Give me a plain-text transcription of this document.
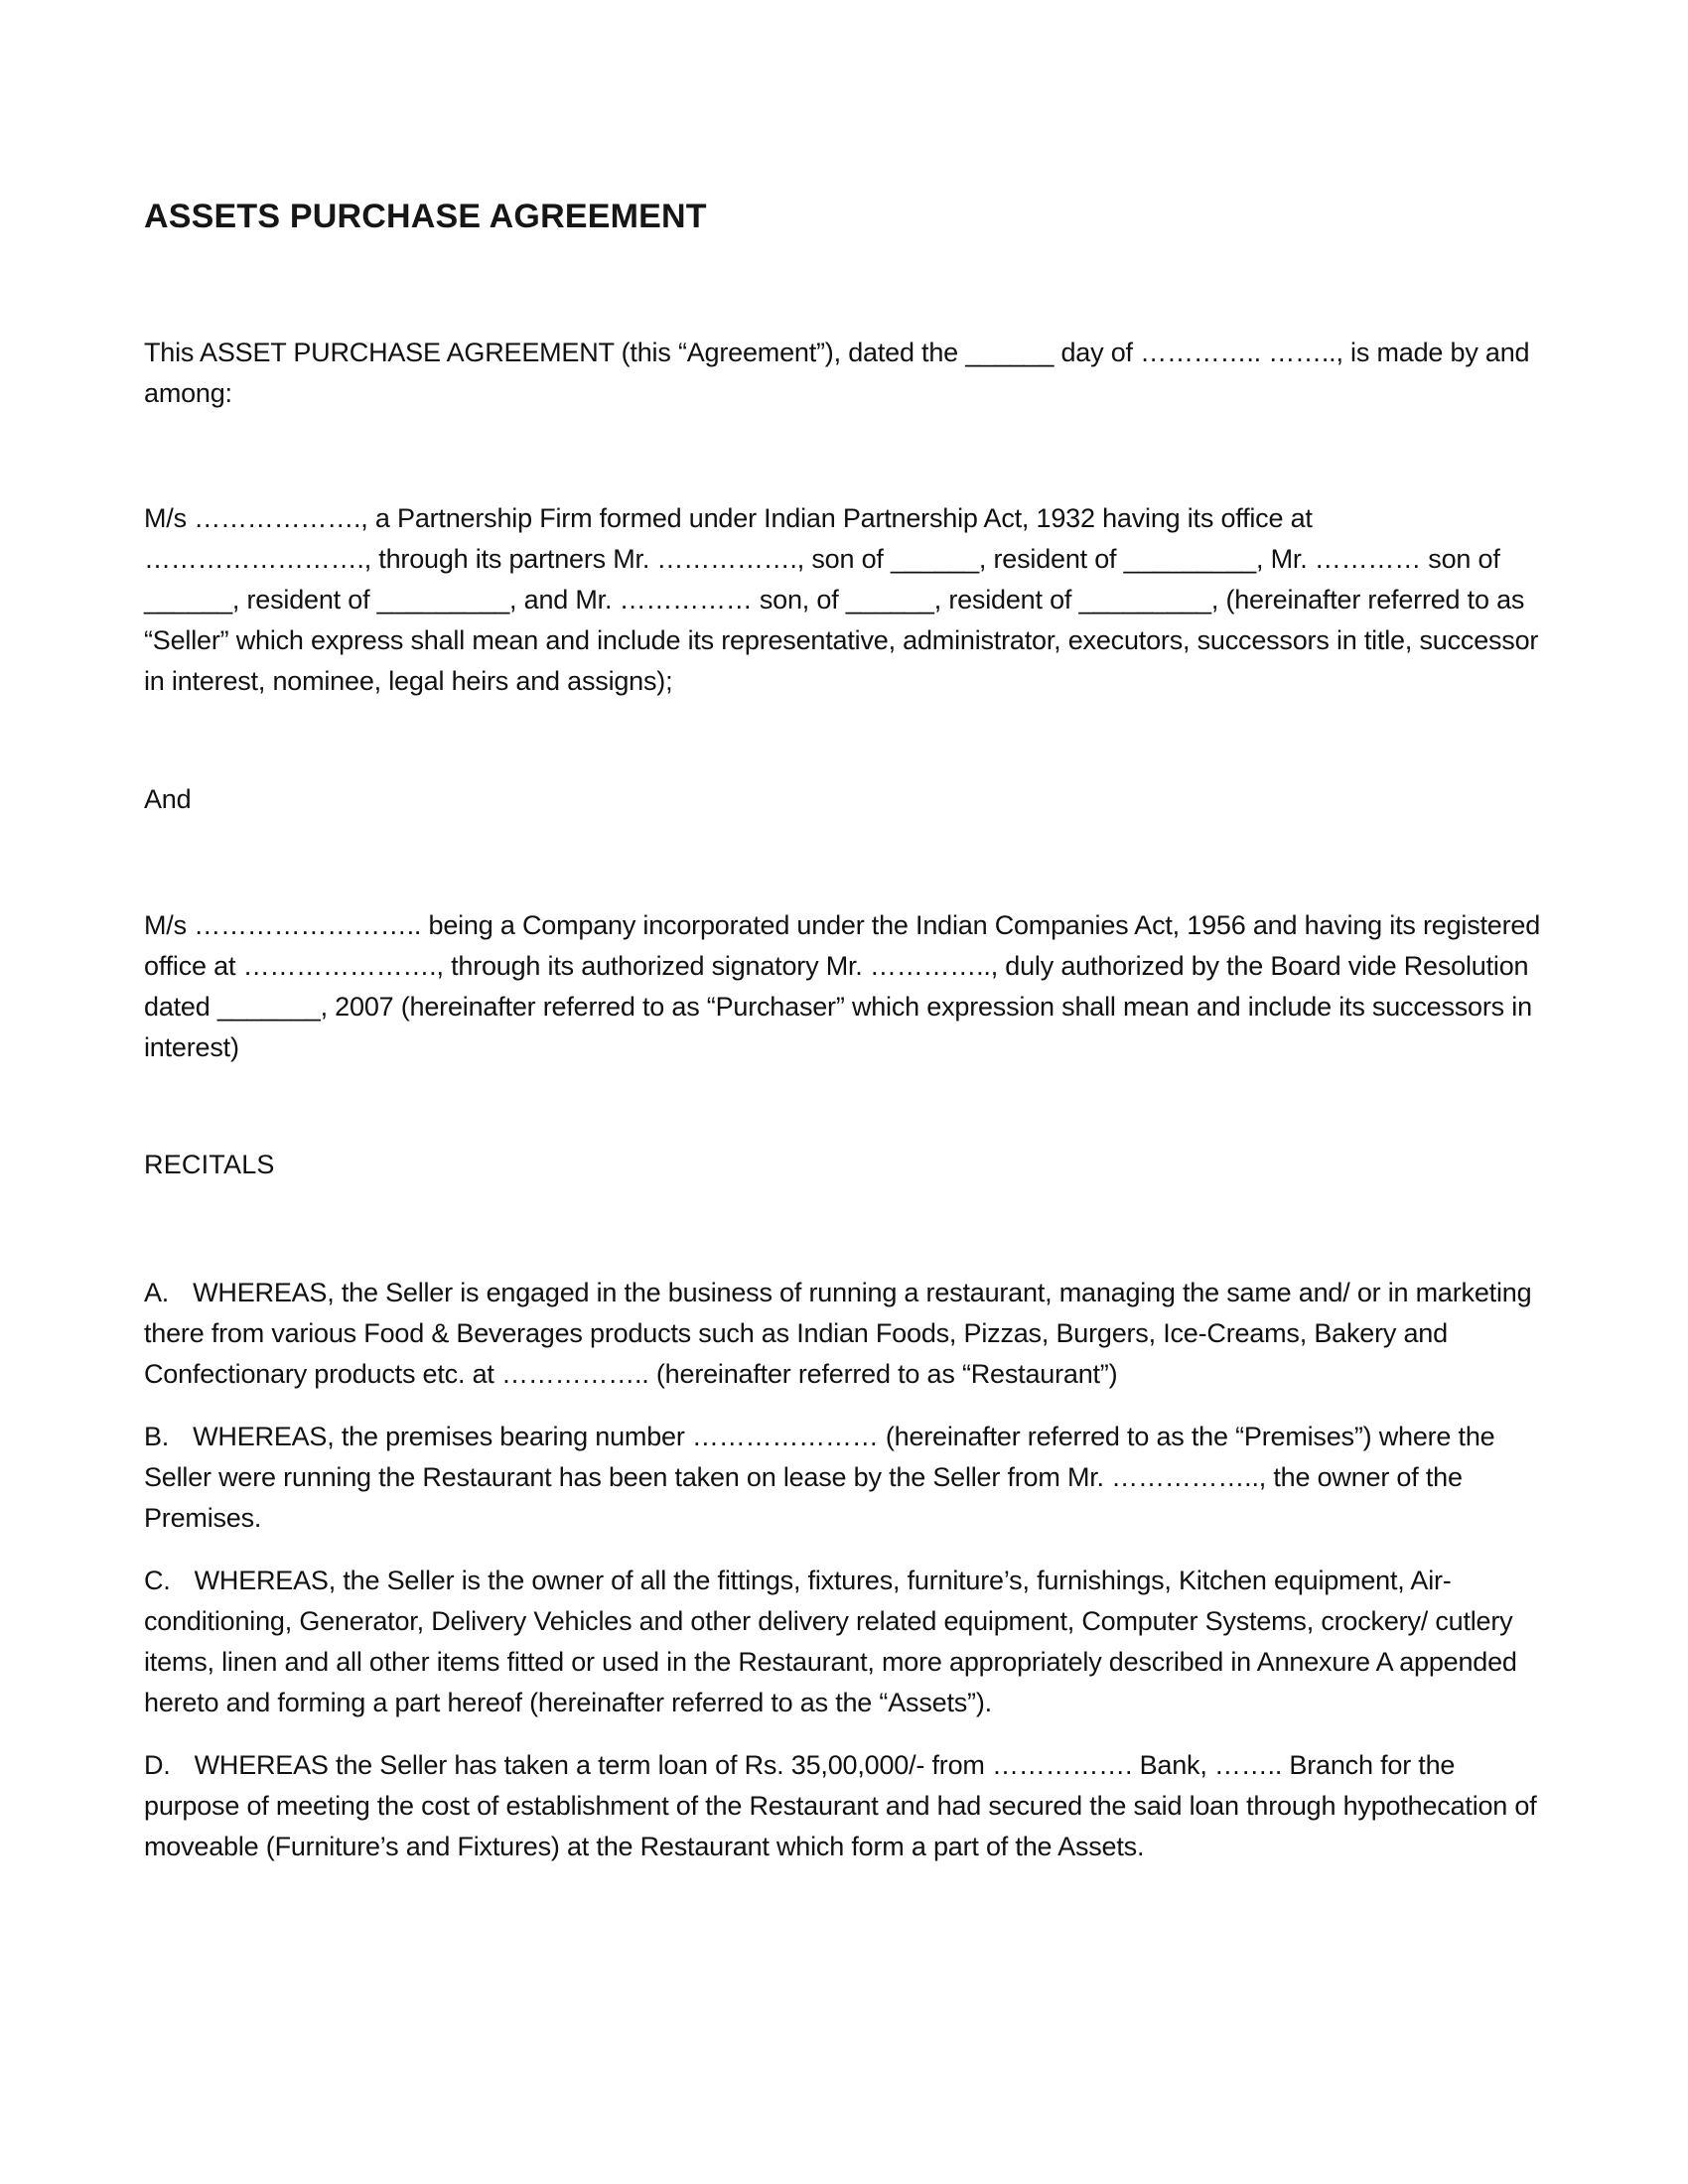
ASSETS PURCHASE AGREEMENT

This ASSET PURCHASE AGREEMENT (this “Agreement”), dated the ______ day of ………….. …….., is made by and among:

M/s ………………., a Partnership Firm formed under Indian Partnership Act, 1932 having its office at ……………………., through its partners Mr. ……………., son of ______, resident of _________, Mr. ………… son of ______, resident of _________, and Mr. …………… son, of ______, resident of _________, (hereinafter referred to as “Seller” which express shall mean and include its representative, administrator, executors, successors in title, successor in interest, nominee, legal heirs and assigns);

And

M/s …………………….. being a Company incorporated under the Indian Companies Act, 1956 and having its registered office at …………………., through its authorized signatory Mr. ………….., duly authorized by the Board vide Resolution dated _______, 2007 (hereinafter referred to as “Purchaser” which expression shall mean and include its successors in interest)

RECITALS

A. WHEREAS, the Seller is engaged in the business of running a restaurant, managing the same and/ or in marketing there from various Food & Beverages products such as Indian Foods, Pizzas, Burgers, Ice-Creams, Bakery and Confectionary products etc. at …………….. (hereinafter referred to as “Restaurant”)

B. WHEREAS, the premises bearing number ………………… (hereinafter referred to as the “Premises”) where the Seller were running the Restaurant has been taken on lease by the Seller from Mr. …………….., the owner of the Premises.

C. WHEREAS, the Seller is the owner of all the fittings, fixtures, furniture’s, furnishings, Kitchen equipment, Air-conditioning, Generator, Delivery Vehicles and other delivery related equipment, Computer Systems, crockery/ cutlery items, linen and all other items fitted or used in the Restaurant, more appropriately described in Annexure A appended hereto and forming a part hereof (hereinafter referred to as the “Assets”).

D. WHEREAS the Seller has taken a term loan of Rs. 35,00,000/- from ……………. Bank, …….. Branch for the purpose of meeting the cost of establishment of the Restaurant and had secured the said loan through hypothecation of moveable (Furniture’s and Fixtures) at the Restaurant which form a part of the Assets.
